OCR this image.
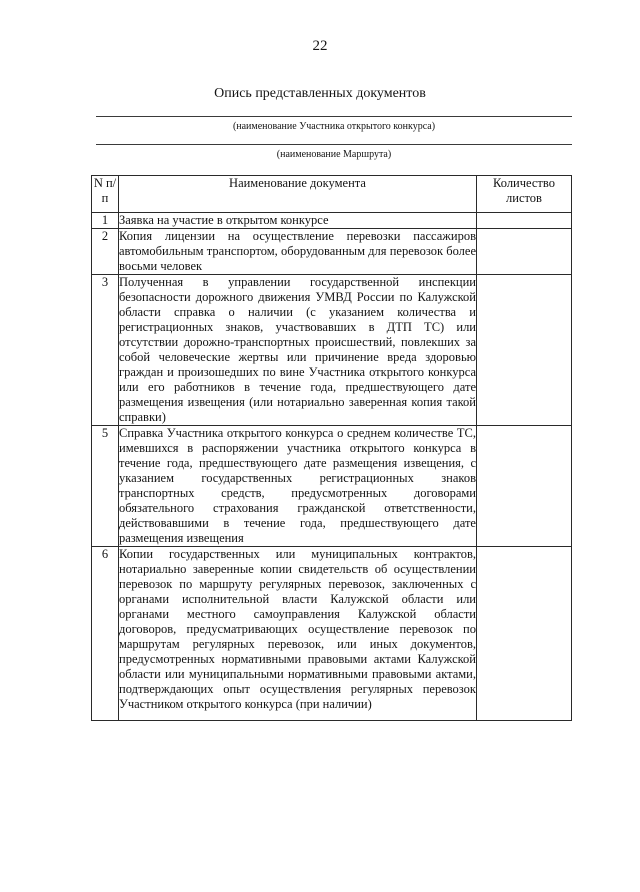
22
Опись представленных документов
(наименование Участника открытого конкурса)
(наименование Маршрута)
N п/п	Наименование документа	Количество листов
1	Заявка на участие в открытом конкурсе	
2	Копия лицензии на осуществление перевозки пассажиров автомобильным транспортом, оборудованным для перевозок более восьми человек	
3	Полученная в управлении государственной инспекции безопасности дорожного движения УМВД России по Калужской области справка о наличии (с указанием количества и регистрационных знаков, участвовавших в ДТП ТС) или отсутствии дорожно-транспортных происшествий, повлекших за собой человеческие жертвы или причинение вреда здоровью граждан и произошедших по вине Участника открытого конкурса или его работников в течение года, предшествующего дате размещения извещения (или нотариально заверенная копия такой справки)	
5	Справка Участника открытого конкурса о среднем количестве ТС, имевшихся в распоряжении участника открытого конкурса в течение года, предшествующего дате размещения извещения, с указанием государственных регистрационных знаков транспортных средств, предусмотренных договорами обязательного страхования гражданской ответственности, действовавшими в течение года, предшествующего дате размещения извещения	
6	Копии государственных или муниципальных контрактов, нотариально заверенные копии свидетельств об осуществлении перевозок по маршруту регулярных перевозок, заключенных с органами исполнительной власти Калужской области или органами местного самоуправления Калужской области договоров, предусматривающих осуществление перевозок по маршрутам регулярных перевозок, или иных документов, предусмотренных нормативными правовыми актами Калужской области или муниципальными нормативными правовыми актами, подтверждающих опыт осуществления регулярных перевозок Участником открытого конкурса (при наличии)	
